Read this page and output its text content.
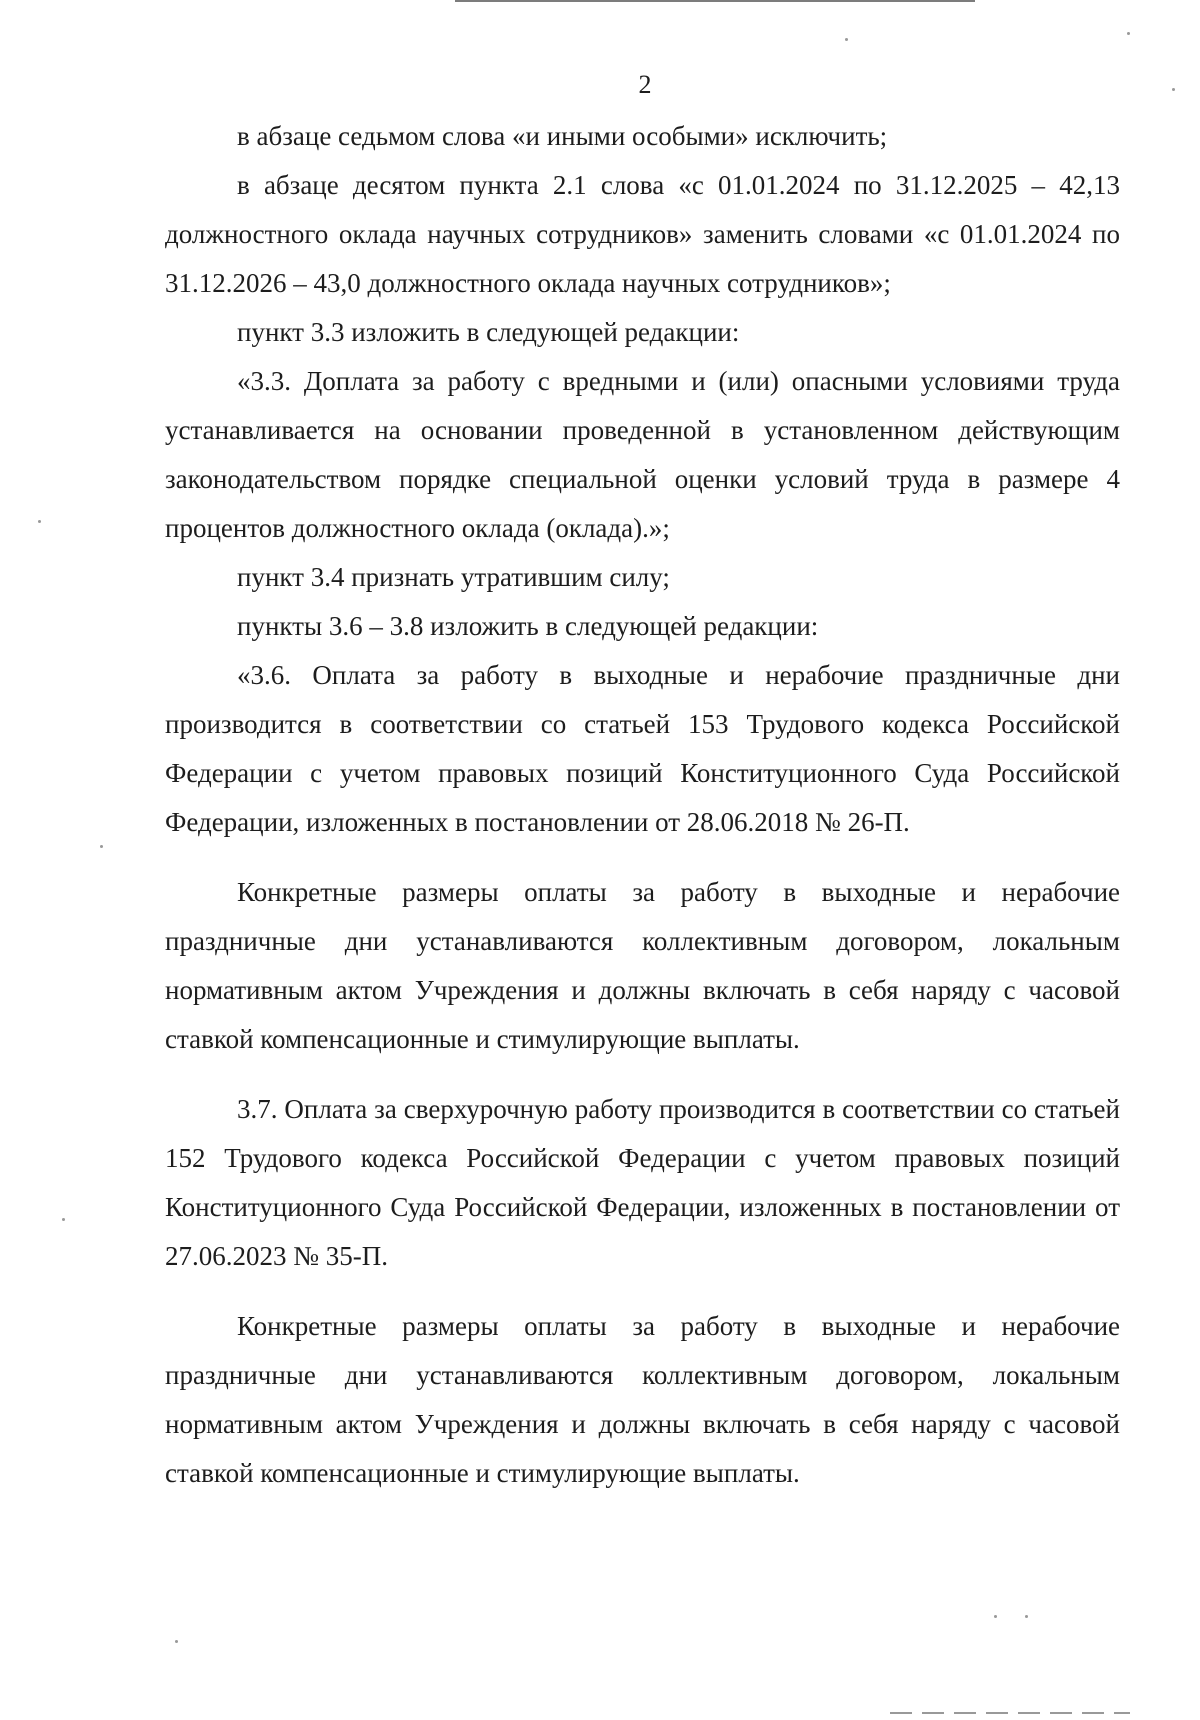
2

в абзаце седьмом слова «и иными особыми» исключить;

в абзаце десятом пункта 2.1 слова «с 01.01.2024 по 31.12.2025 – 42,13 должностного оклада научных сотрудников» заменить словами «с 01.01.2024 по 31.12.2026 – 43,0 должностного оклада научных сотрудников»;

пункт 3.3 изложить в следующей редакции:

«3.3. Доплата за работу с вредными и (или) опасными условиями труда устанавливается на основании проведенной в установленном действующим законодательством порядке специальной оценки условий труда в размере 4 процентов должностного оклада (оклада).»;

пункт 3.4 признать утратившим силу;

пункты 3.6 – 3.8 изложить в следующей редакции:

«3.6. Оплата за работу в выходные и нерабочие праздничные дни производится в соответствии со статьей 153 Трудового кодекса Российской Федерации с учетом правовых позиций Конституционного Суда Российской Федерации, изложенных в постановлении от 28.06.2018 № 26-П.

Конкретные размеры оплаты за работу в выходные и нерабочие праздничные дни устанавливаются коллективным договором, локальным нормативным актом Учреждения и должны включать в себя наряду с часовой ставкой компенсационные и стимулирующие выплаты.

3.7. Оплата за сверхурочную работу производится в соответствии со статьей 152 Трудового кодекса Российской Федерации с учетом правовых позиций Конституционного Суда Российской Федерации, изложенных в постановлении от 27.06.2023 № 35-П.

Конкретные размеры оплаты за работу в выходные и нерабочие праздничные дни устанавливаются коллективным договором, локальным нормативным актом Учреждения и должны включать в себя наряду с часовой ставкой компенсационные и стимулирующие выплаты.
